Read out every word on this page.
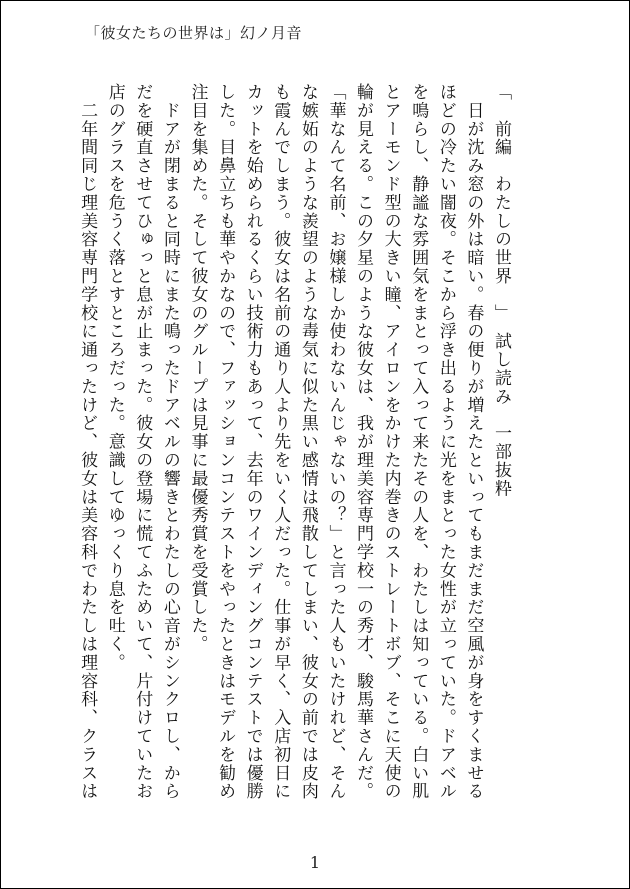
「彼女たちの世界は」幻ノ月音

「　前編　わたしの世界　」　試し読み　一部抜粋

　日が沈み窓の外は暗い。春の便りが増えたといってもまだまだ空風が身をすくませる

ほどの冷たい闇夜。そこから浮き出るように光をまとった女性が立っていた。ドアベル

を鳴らし、静謐な雰囲気をまとって入って来たその人を、わたしは知っている。白い肌

とアーモンド型の大きい瞳、アイロンをかけた内巻きのストレートボブ、そこに天使の

輪が見える。この夕星のような彼女は、我が理美容専門学校一の秀才、駿馬華さんだ。

「華なんて名前、お嬢様しか使わないんじゃないの？」と言った人もいたけれど、そん

な嫉妬のような羨望のような毒気に似た黒い感情は飛散してしまい、彼女の前では皮肉

も霞んでしまう。彼女は名前の通り人より先をいく人だった。仕事が早く、入店初日に

カットを始められるくらい技術力もあって、去年のワインディングコンテストでは優勝

した。目鼻立ちも華やかなので、ファッションコンテストをやったときはモデルを勧め

注目を集めた。そして彼女のグループは見事に最優秀賞を受賞した。

　ドアが閉まると同時にまた鳴ったドアベルの響きとわたしの心音がシンクロし、から

だを硬直させてひゅっと息が止まった。彼女の登場に慌てふためいて、片付けていたお

店のグラスを危うく落とすところだった。意識してゆっくり息を吐く。

　二年間同じ理美容専門学校に通ったけど、彼女は美容科でわたしは理容科、クラスは

1
